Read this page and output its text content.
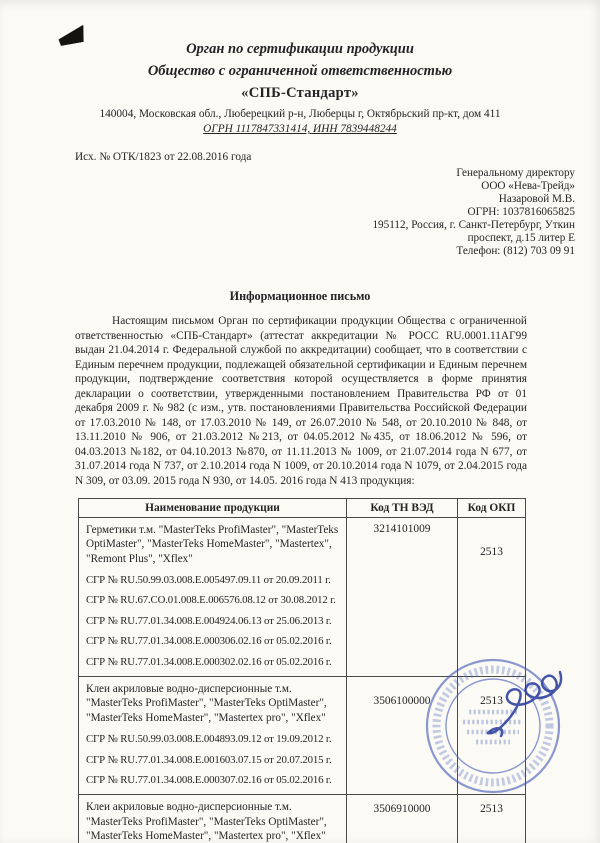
Орган по сертификации продукции
Общество с ограниченной ответственностью
«СПБ-Стандарт»
140004, Московская обл., Люберецкий р-н, Люберцы г, Октябрьский пр-кт, дом 411
ОГРН 1117847331414, ИНН 7839448244
Исх. № ОТК/1823 от 22.08.2016 года
Генеральному директору
ООО «Нева-Трейд»
Назаровой М.В.
ОГРН: 1037816065825
195112, Россия, г. Санкт-Петербург, Уткин
проспект, д.15 литер Е
Телефон: (812) 703 09 91
Информационное письмо

Настоящим письмом Орган по сертификации продукции Общества с ограниченной ответственностью «СПБ-Стандарт» (аттестат аккредитации № РОСС RU.0001.11АГ99 выдан 21.04.2014 г. Федеральной службой по аккредитации) сообщает, что в соответствии с Единым перечнем продукции, подлежащей обязательной сертификации и Единым перечнем продукции, подтверждение соответствия которой осуществляется в форме принятия декларации о соответствии, утвержденными постановлением Правительства РФ от 01 декабря 2009 г. № 982 (с изм., утв. постановлениями Правительства Российской Федерации от 17.03.2010 № 148, от 17.03.2010 № 149, от 26.07.2010 № 548, от 20.10.2010 № 848, от 13.11.2010 № 906, от 21.03.2012 №213, от 04.05.2012 №435, от 18.06.2012 № 596, от 04.03.2013 №182, от 04.10.2013 №870, от 11.11.2013 № 1009, от 21.07.2014 года N 677, от 31.07.2014 года N 737, от 2.10.2014 года N 1009, от 20.10.2014 года N 1079, от 2.04.2015 года N 309, от 03.09. 2015 года N 930, от 14.05. 2016 года N 413 продукция:

Наименование продукции	Код ТН ВЭД	Код ОКП

Герметики т.м. "MasterTeks ProfiMaster", "MasterTeks OptiMaster", "MasterTeks HomeMaster", "Mastertex", "Remont Plus", "Xflex"
СГР № RU.50.99.03.008.Е.005497.09.11 от 20.09.2011 г.
СГР № RU.67.СО.01.008.Е.006576.08.12 от 30.08.2012 г.
СГР № RU.77.01.34.008.Е.004924.06.13 от 25.06.2013 г.
СГР № RU.77.01.34.008.Е.000306.02.16 от 05.02.2016 г.
СГР № RU.77.01.34.008.Е.000302.02.16 от 05.02.2016 г.
	3214101009	2513

Клеи акриловые водно-дисперсионные т.м. "MasterTeks ProfiMaster", "MasterTeks OptiMaster", "MasterTeks HomeMaster", "Mastertex pro", "Xflex"
СГР № RU.50.99.03.008.Е.004893.09.12 от 19.09.2012 г.
СГР № RU.77.01.34.008.Е.001603.07.15 от 20.07.2015 г.
СГР № RU.77.01.34.008.Е.000307.02.16 от 05.02.2016 г.	3506100000	2513

Клеи акриловые водно-дисперсионные т.м. "MasterTeks ProfiMaster", "MasterTeks OptiMaster", "MasterTeks HomeMaster", "Mastertex pro", "Xflex"	3506910000	2513
